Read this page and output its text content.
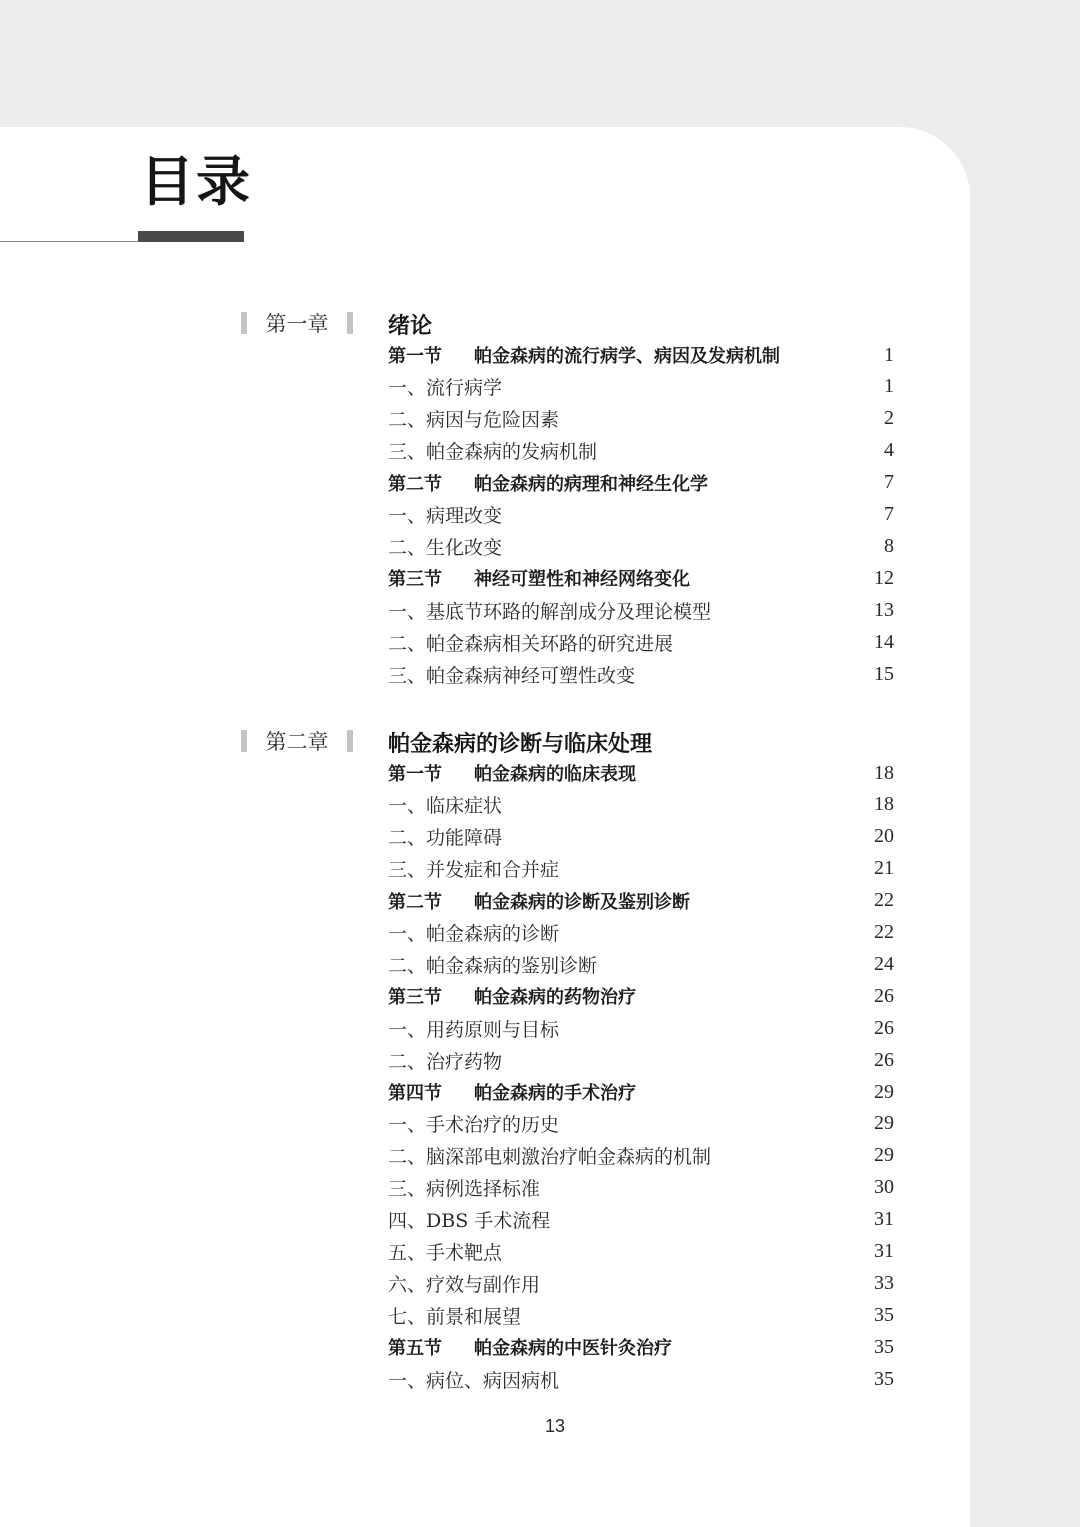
目录
第一章	绪论
第一节	帕金森病的流行病学、病因及发病机制	1
一、流行病学	1
二、病因与危险因素	2
三、帕金森病的发病机制	4
第二节	帕金森病的病理和神经生化学	7
一、病理改变	7
二、生化改变	8
第三节	神经可塑性和神经网络变化	12
一、基底节环路的解剖成分及理论模型	13
二、帕金森病相关环路的研究进展	14
三、帕金森病神经可塑性改变	15
第二章	帕金森病的诊断与临床处理
第一节	帕金森病的临床表现	18
一、临床症状	18
二、功能障碍	20
三、并发症和合并症	21
第二节	帕金森病的诊断及鉴别诊断	22
一、帕金森病的诊断	22
二、帕金森病的鉴别诊断	24
第三节	帕金森病的药物治疗	26
一、用药原则与目标	26
二、治疗药物	26
第四节	帕金森病的手术治疗	29
一、手术治疗的历史	29
二、脑深部电刺激治疗帕金森病的机制	29
三、病例选择标准	30
四、DBS 手术流程	31
五、手术靶点	31
六、疗效与副作用	33
七、前景和展望	35
第五节	帕金森病的中医针灸治疗	35
一、病位、病因病机	35
13
